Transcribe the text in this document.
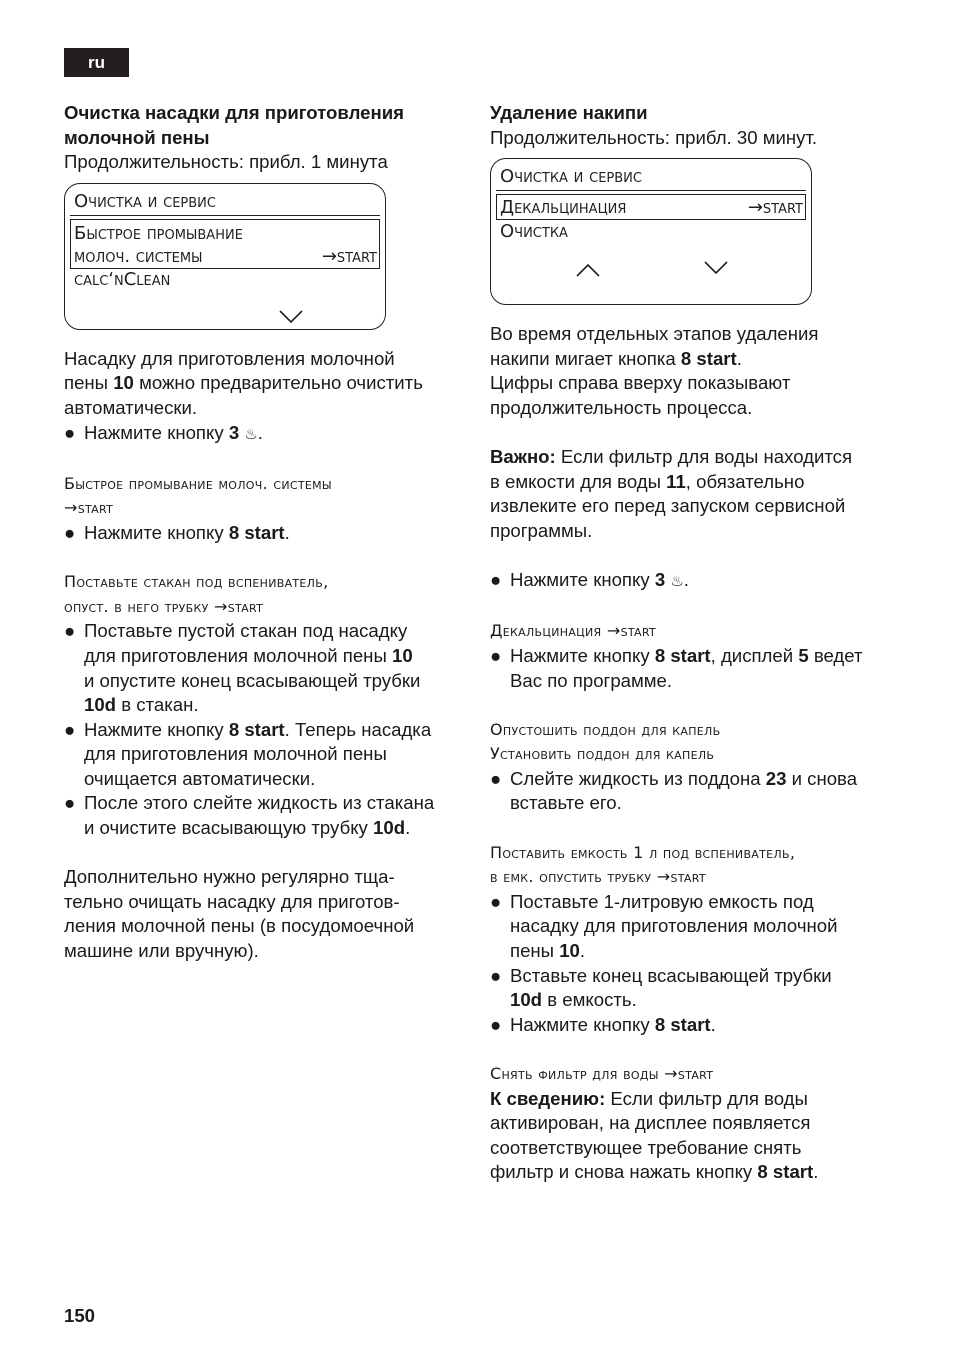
ru

Очистка насадки для приготовления
молочной пены

Продолжительность: прибл. 1 минута

Очистка и сервис
Быстрое промывание
молоч. системы	→start
calc‘nClean

Насадку для приготовления молочной
пены 10 можно предварительно очистить
автоматически.

● Нажмите кнопку 3 ♨.

Быстрое промывание молоч. системы
→start

● Нажмите кнопку 8 start.

Поставьте стакан под вспениватель,
опуст. в него трубку →start

● Поставьте пустой стакан под насадку
для приготовления молочной пены 10
и опустите конец всасывающей трубки
10d в стакан.

● Нажмите кнопку 8 start. Теперь насадка
для приготовления молочной пены
очищается автоматически.

● После этого слейте жидкость из стакана
и очистите всасывающую трубку 10d.

Дополнительно нужно регулярно тща-
тельно очищать насадку для приготов-
ления молочной пены (в посудомоечной
машине или вручную).

Удаление накипи

Продолжительность: прибл. 30 минут.

Очистка и сервис
Декальцинация	→start
Очистка

Во время отдельных этапов удаления
накипи мигает кнопка 8 start.
Цифры справа вверху показывают
продолжительность процесса.

Важно: Если фильтр для воды находится
в емкости для воды 11, обязательно
извлеките его перед запуском сервисной
программы.

● Нажмите кнопку 3 ♨.

Декальцинация →start

● Нажмите кнопку 8 start, дисплей 5 ведет
Вас по программе.

Опустошить поддон для капель
Установить поддон для капель

● Слейте жидкость из поддона 23 и снова
вставьте его.

Поставить емкость 1 л под вспениватель,
в емк. опустить трубку →start

● Поставьте 1-литровую емкость под
насадку для приготовления молочной
пены 10.

● Вставьте конец всасывающей трубки
10d в емкость.

● Нажмите кнопку 8 start.

Снять фильтр для воды →start

К сведению: Если фильтр для воды
активирован, на дисплее появляется
соответствующее требование снять
фильтр и снова нажать кнопку 8 start.

150
